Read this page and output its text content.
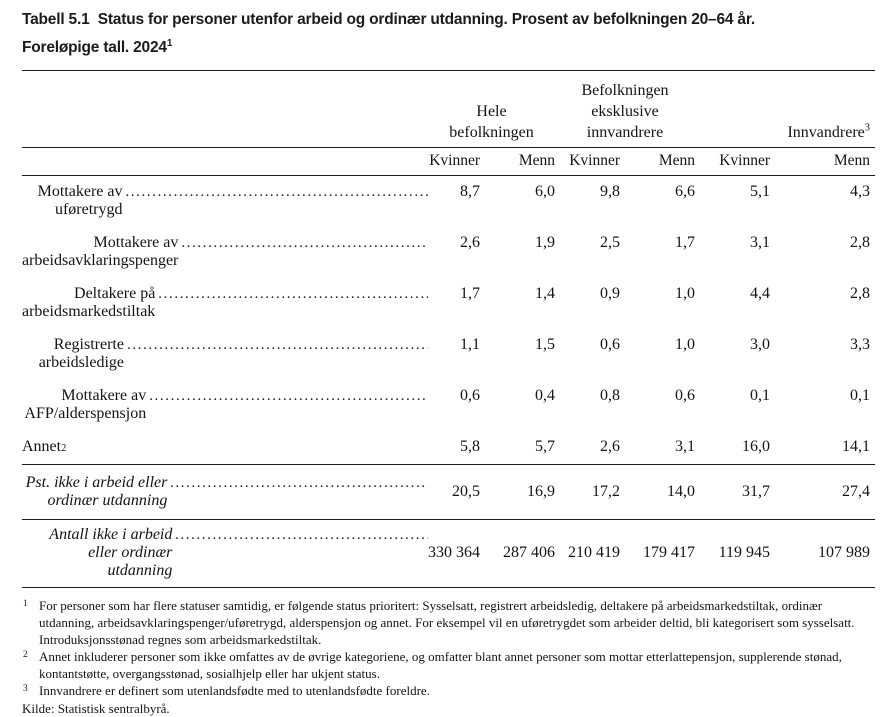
Tabell 5.1  Status for personer utenfor arbeid og ordinær utdanning. Prosent av befolkningen 20–64 år.
Foreløpige tall. 2024$^1$
	Hele befolkningen		Befolkningen eksklusive innvandrere		Innvandrere$^3$
	Kvinner	Menn	Kvinner	Menn	Kvinner	Menn

Mottakere av uføretrygd
.....	8,7	6,0	9,8	6,6	5,1	4,3

Mottakere av arbeidsavklaringspenger
.....	2,6	1,9	2,5	1,7	3,1	2,8

Deltakere på arbeidsmarkedstiltak
.....	1,7	1,4	0,9	1,0	4,4	2,8

Registrerte arbeidsledige
.....	1,1	1,5	0,6	1,0	3,0	3,3

Mottakere av AFP/alderspensjon
.....	0,6	0,4	0,8	0,6	0,1	0,1

Annet 2	5,8	5,7	2,6	3,1	16,0	14,1

Pst. ikke i arbeid eller ordinær utdanning
.....	20,5	16,9	17,2	14,0	31,7	27,4

Antall ikke i arbeid eller ordinær utdanning
.....	330 364	287 406	210 419	179 417	119 945	107 989
1 For personer som har flere statuser samtidig, er følgende status prioritert: Sysselsatt, registrert arbeidsledig, deltakere på arbeidsmarkedstiltak, ordinær utdanning, arbeidsavklaringspenger/uføretrygd, alderspensjon og annet. For eksempel vil en uføretrygdet som arbeider deltid, bli kategorisert som sysselsatt. Introduksjonsstønad regnes som arbeidsmarkedstiltak.
2 Annet inkluderer personer som ikke omfattes av de øvrige kategoriene, og omfatter blant annet personer som mottar etterlattepensjon, supplerende stønad, kontantstøtte, overgangsstønad, sosialhjelp eller har ukjent status.
3 Innvandrere er definert som utenlandsfødte med to utenlandsfødte foreldre.
Kilde: Statistisk sentralbyrå.
